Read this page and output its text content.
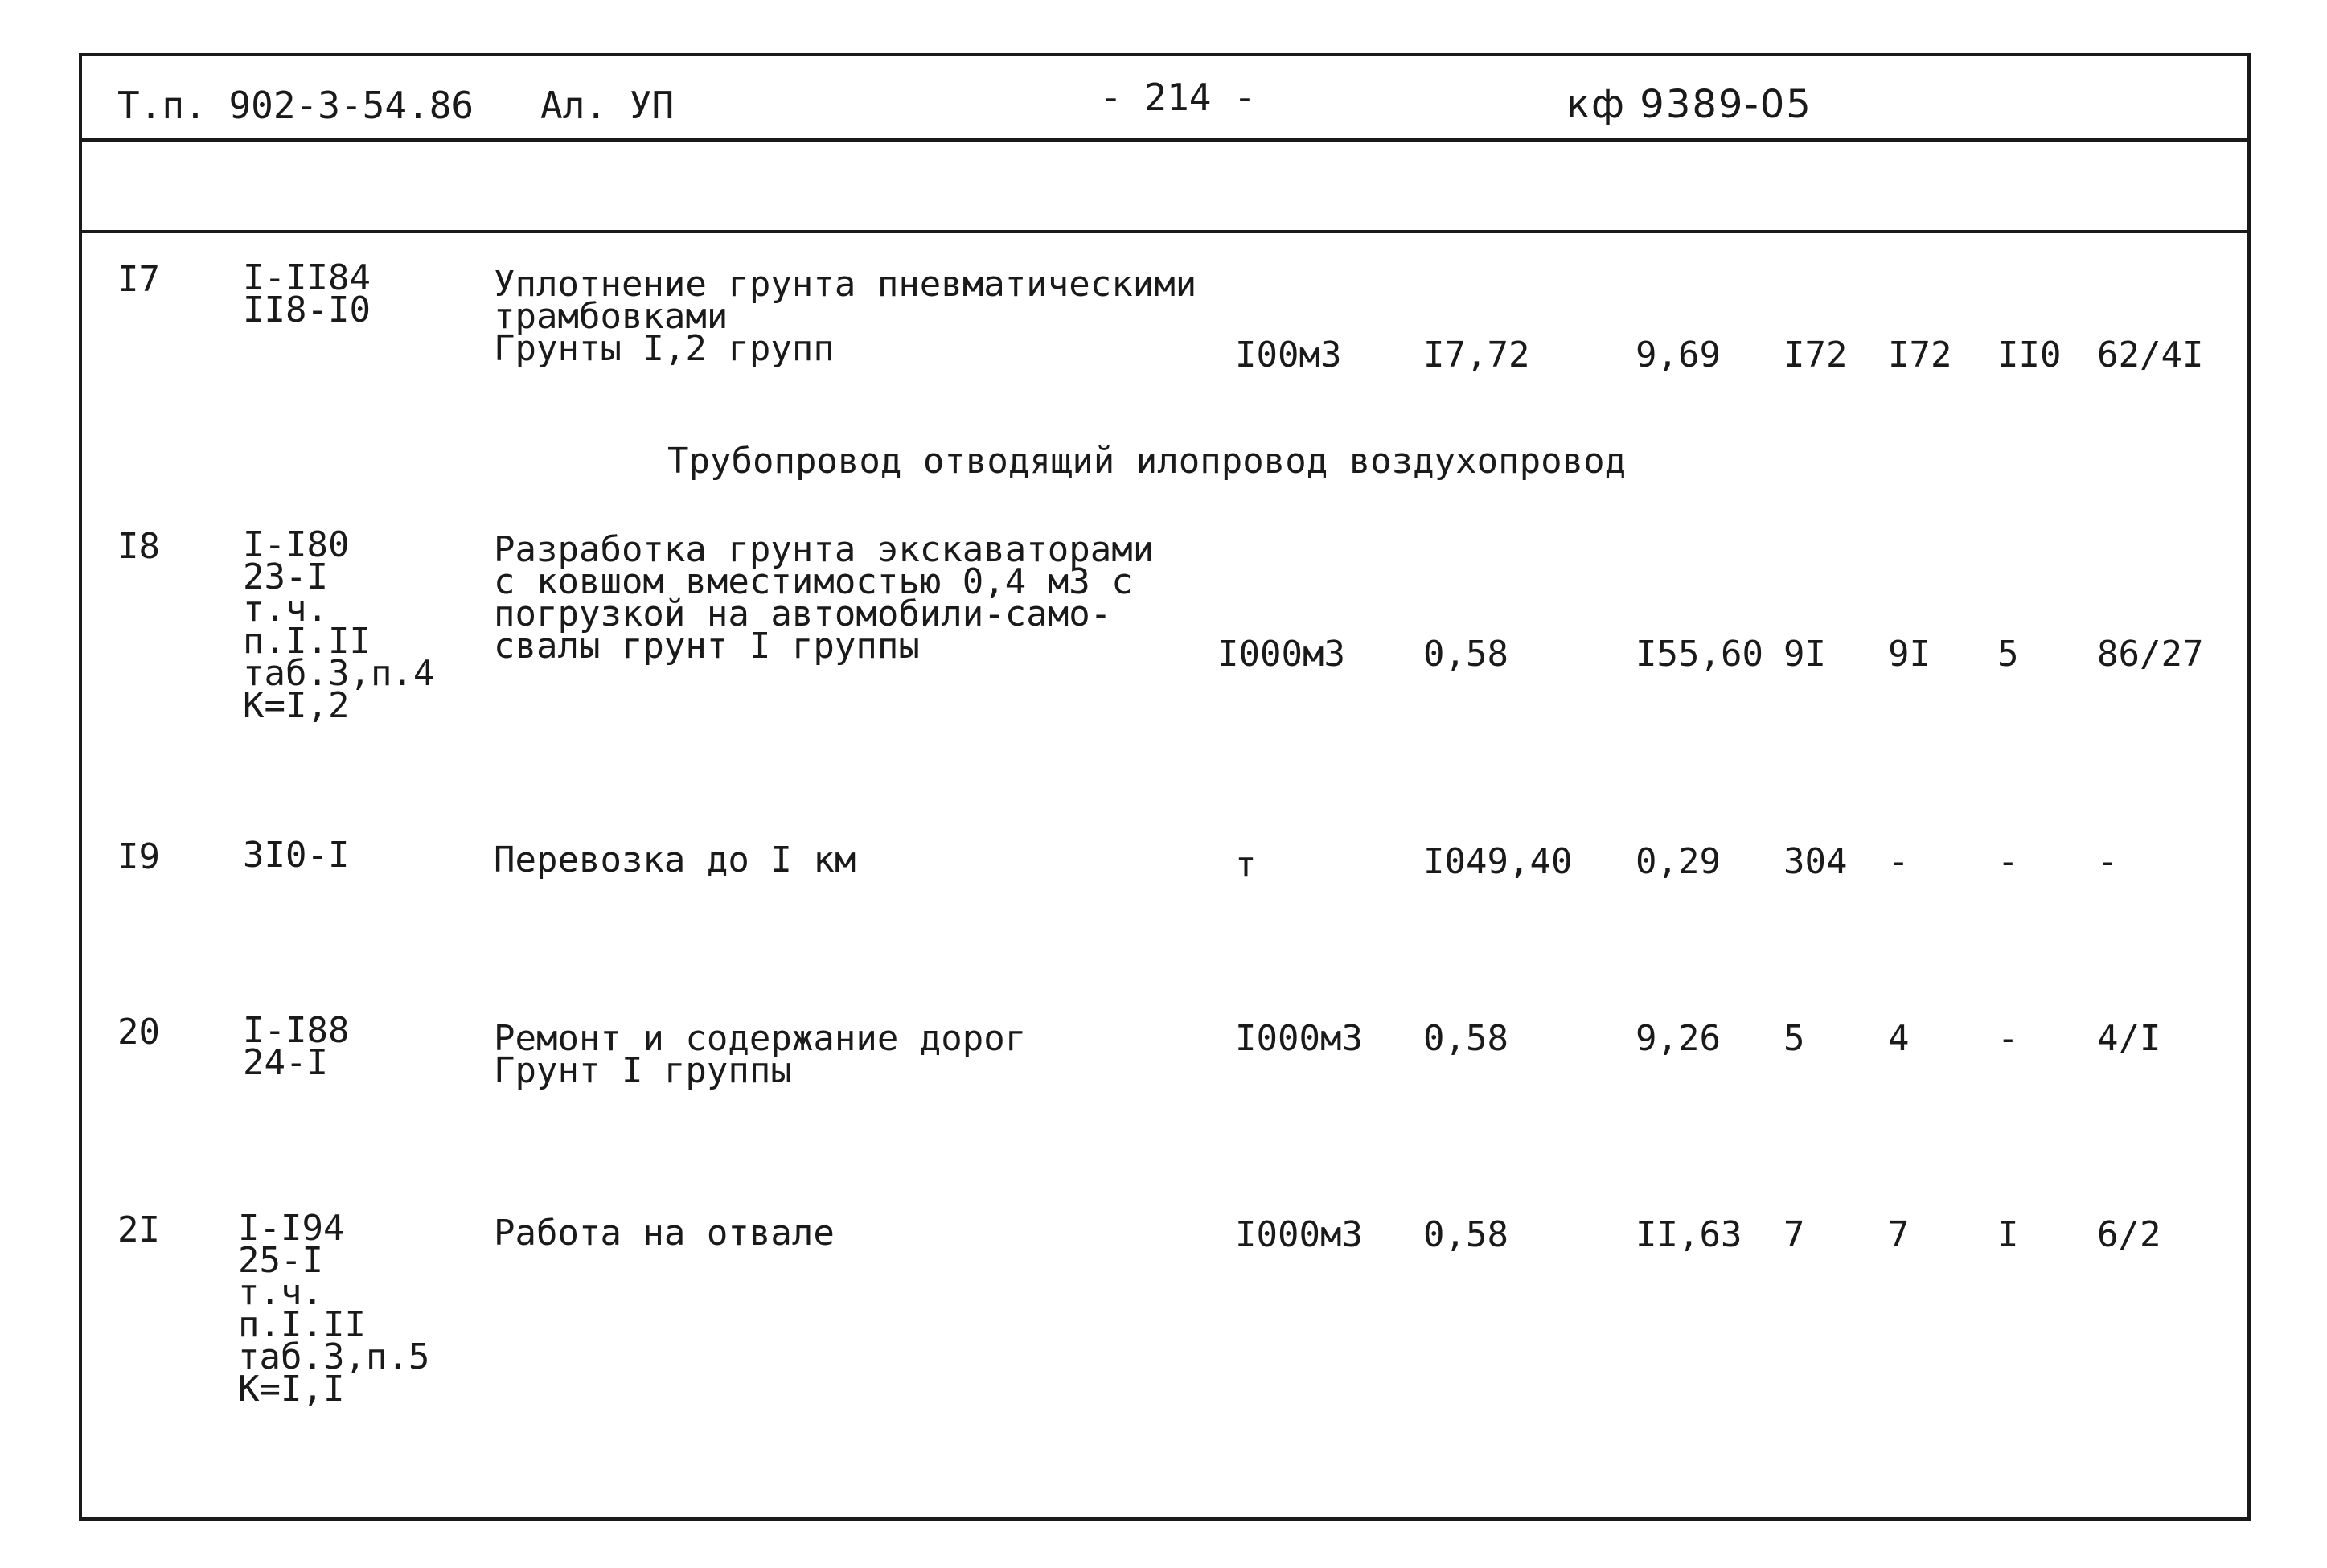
Т.п. 902-3-54.86 Ал. УП	- 214 -	кф 9389-05
I7 I-II84
II8-I0
Уплотнение грунта пневматическими
трамбовками
Грунты I,2 групп	I00м3 I7,72	9,69 I72 I72 II0 62/4I
Трубопровод отводящий илопровод воздухопровод
I8 I-I80
23-I
т.ч.
п.I.II
таб.3,п.4
К=I,2
Разработка грунта экскаваторами
с ковшом вместимостью 0,4 м3 с
погрузкой на автомобили-само-
свалы грунт I группы	I000м3 0,58	I55,60 9I 9I 5 86/27
I9 3I0-I	Перевозка до I км	т	I049,40 0,29 304 - - -
20 I-I88
24-I
Ремонт и содержание дорог
Грунт I группы
I000м3 0,58	9,26 5 4 - 4/I
2I I-I94
25-I
т.ч.
п.I.II
таб.3,п.5
К=I,I
Работа на отвале	I000м3 0,58	II,63 7 7 I 6/2
